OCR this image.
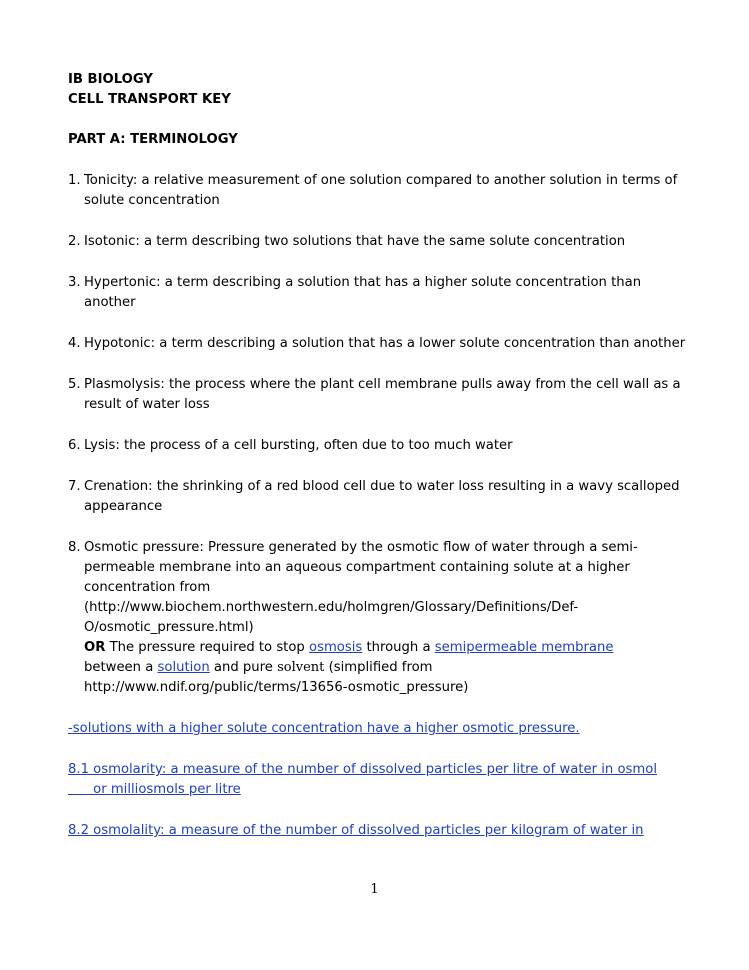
IB BIOLOGY
CELL TRANSPORT KEY
PART A: TERMINOLOGY
1. Tonicity: a relative measurement of one solution compared to another solution in terms of solute concentration
2. Isotonic: a term describing two solutions that have the same solute concentration
3. Hypertonic: a term describing a solution that has a higher solute concentration than another
4. Hypotonic: a term describing a solution that has a lower solute concentration than another
5. Plasmolysis: the process where the plant cell membrane pulls away from the cell wall as a result of water loss
6. Lysis: the process of a cell bursting, often due to too much water
7. Crenation: the shrinking of a red blood cell due to water loss resulting in a wavy scalloped appearance
8. Osmotic pressure: Pressure generated by the osmotic flow of water through a semi-
permeable membrane into an aqueous compartment containing solute at a higher
concentration from
(http://www.biochem.northwestern.edu/holmgren/Glossary/Definitions/Def-
O/osmotic_pressure.html)
OR The pressure required to stop osmosis through a semipermeable membrane
between a solution and pure solvent (simplified from
http://www.ndif.org/public/terms/13656-osmotic_pressure)
-solutions with a higher solute concentration have a higher osmotic pressure.
8.1 osmolarity: a measure of the number of dissolved particles per litre of water in osmol
or milliosmols per litre
8.2 osmolality: a measure of the number of dissolved particles per kilogram of water in
1
